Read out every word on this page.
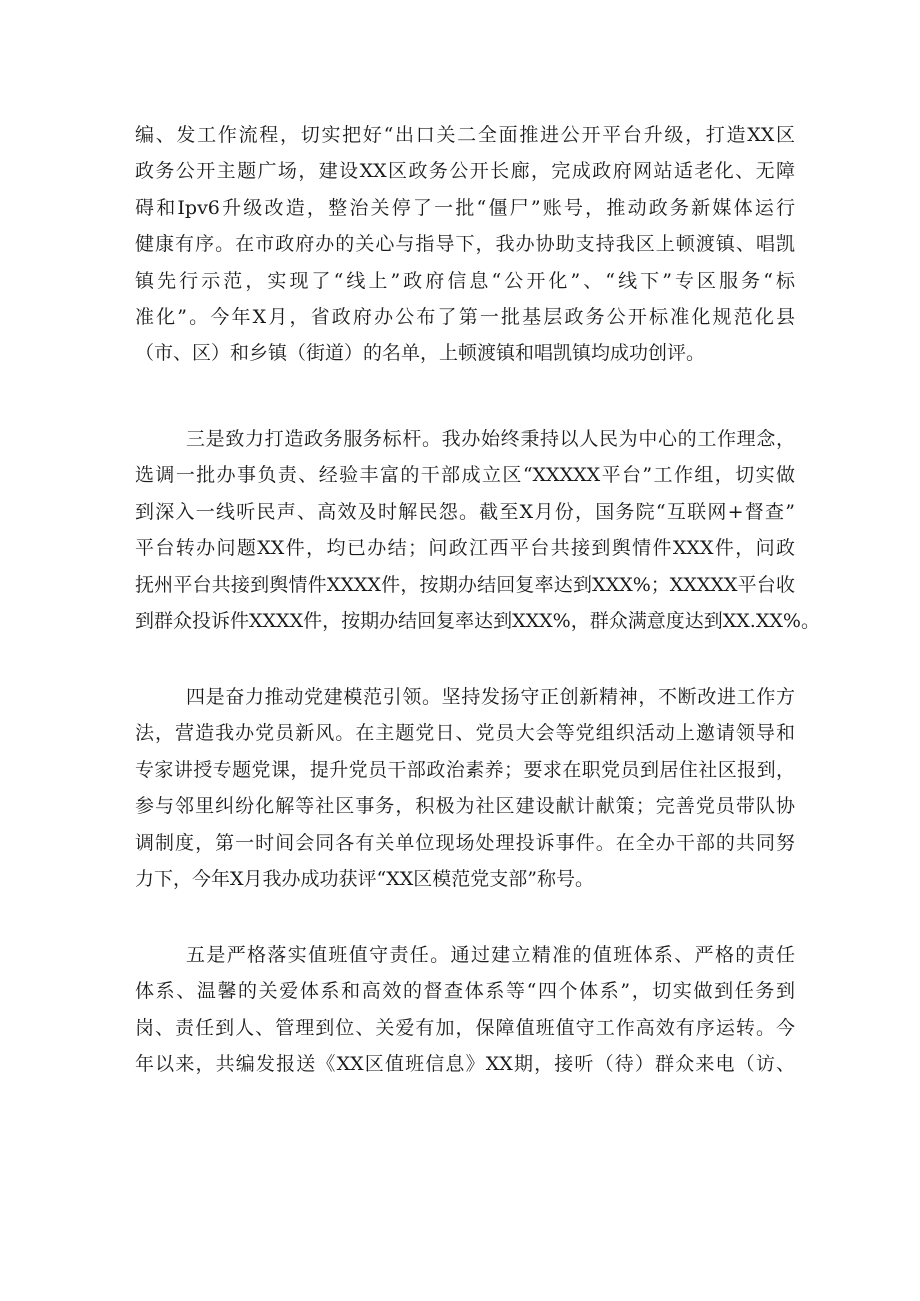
编、发工作流程，切实把好“出口关二全面推进公开平台升级，打造XX区
政务公开主题广场，建设XX区政务公开长廊，完成政府网站适老化、无障
碍和Ipv6升级改造，整治关停了一批“僵尸”账号，推动政务新媒体运行
健康有序。在市政府办的关心与指导下，我办协助支持我区上顿渡镇、唱凯
镇先行示范，实现了“线上”政府信息“公开化”、“线下”专区服务“标
准化”。今年X月，省政府办公布了第一批基层政务公开标准化规范化县
（市、区）和乡镇（街道）的名单，上顿渡镇和唱凯镇均成功创评。

三是致力打造政务服务标杆。我办始终秉持以人民为中心的工作理念，
选调一批办事负责、经验丰富的干部成立区“XXXXX平台”工作组，切实做
到深入一线听民声、高效及时解民怨。截至X月份，国务院“互联网+督查”
平台转办问题XX件，均已办结；问政江西平台共接到舆情件XXX件，问政
抚州平台共接到舆情件XXXX件，按期办结回复率达到XXX%；XXXXX平台收
到群众投诉件XXXX件，按期办结回复率达到XXX%，群众满意度达到XX.XX%。

四是奋力推动党建模范引领。坚持发扬守正创新精神，不断改进工作方
法，营造我办党员新风。在主题党日、党员大会等党组织活动上邀请领导和
专家讲授专题党课，提升党员干部政治素养；要求在职党员到居住社区报到，
参与邻里纠纷化解等社区事务，积极为社区建设献计献策；完善党员带队协
调制度，第一时间会同各有关单位现场处理投诉事件。在全办干部的共同努
力下，今年X月我办成功获评“XX区模范党支部”称号。

五是严格落实值班值守责任。通过建立精准的值班体系、严格的责任
体系、温馨的关爱体系和高效的督查体系等“四个体系”，切实做到任务到
岗、责任到人、管理到位、关爱有加，保障值班值守工作高效有序运转。今
年以来，共编发报送《XX区值班信息》XX期，接听（待）群众来电（访、
